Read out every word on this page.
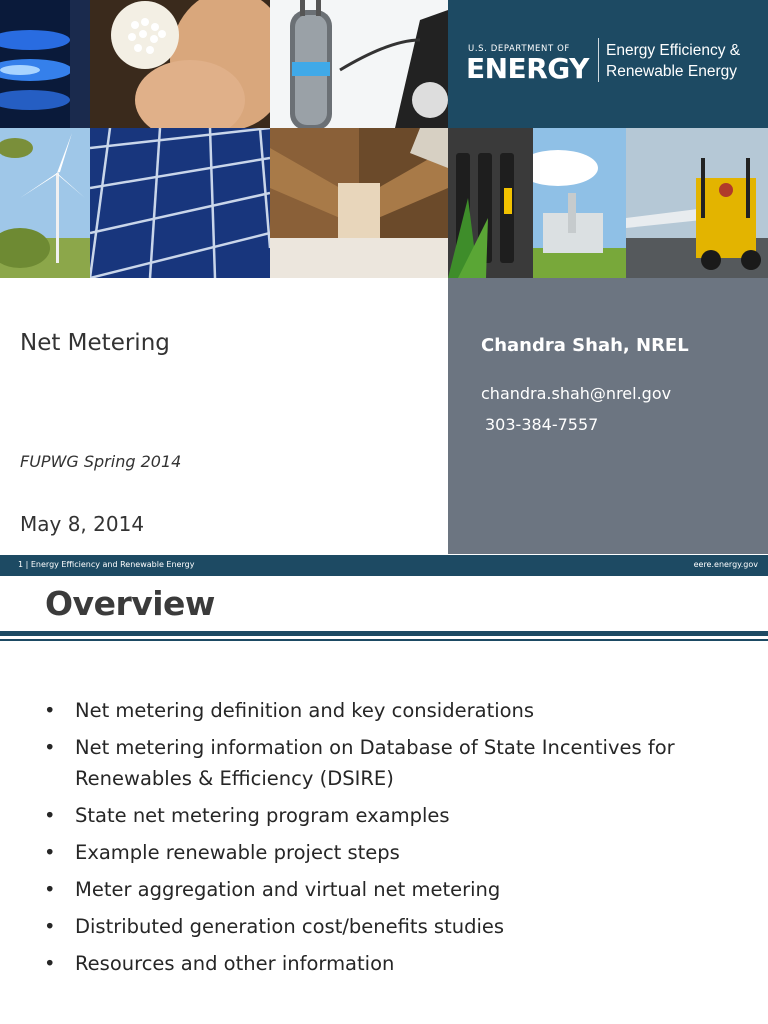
U.S. DEPARTMENT OF
ENERGY
Energy Efficiency &
Renewable Energy
Net Metering
FUPWG Spring 2014
May 8, 2014
Chandra Shah, NREL
chandra.shah@nrel.gov
303-384-7557
1 | Energy Efficiency and Renewable Energy	eere.energy.gov
Overview
• Net metering definition and key considerations
• Net metering information on Database of State Incentives for Renewables & Efficiency (DSIRE)
• State net metering program examples
• Example renewable project steps
• Meter aggregation and virtual net metering
• Distributed generation cost/benefits studies
• Resources and other information
